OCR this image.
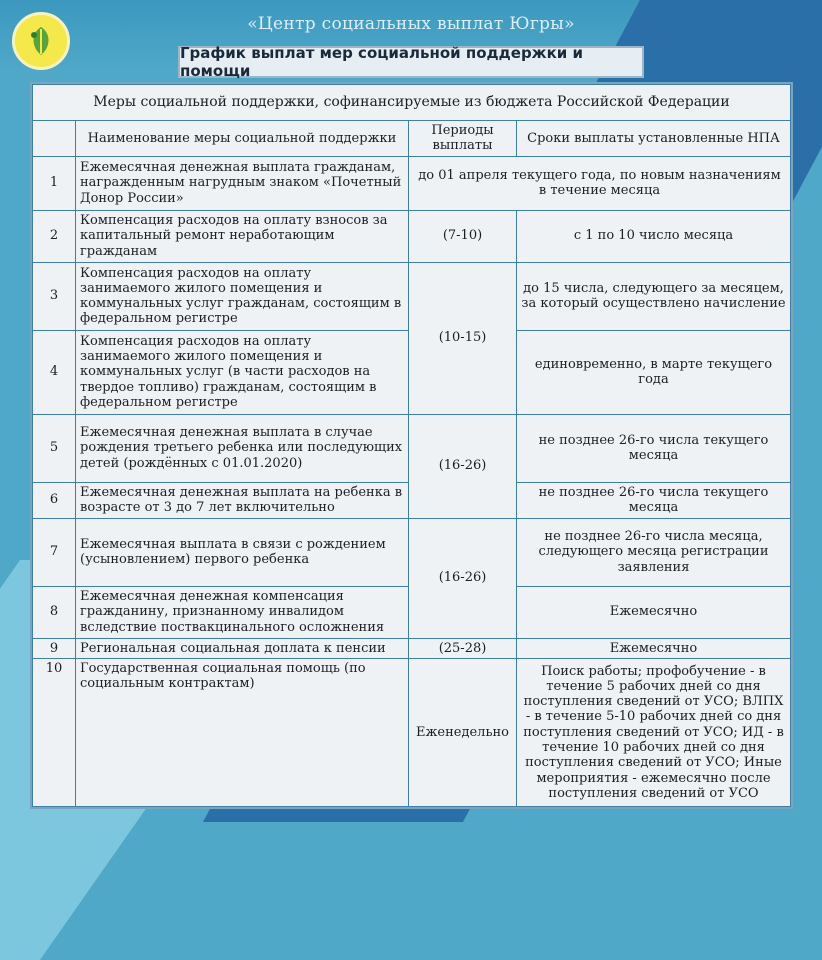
«Центр социальных выплат Югры»
График выплат мер социальной поддержки и помощи
Меры социальной поддержки, софинансируемые из бюджета Российской Федерации			
	Наименование меры социальной поддержки	Периоды выплаты	Сроки выплаты установленные НПА
1	Ежемесячная денежная выплата гражданам, награжденным нагрудным знаком «Почетный Донор России»	до 01 апреля текущего года, по новым назначениям в течение месяца	
2	Компенсация расходов на оплату взносов за капитальный ремонт неработающим гражданам	(7-10)	с 1 по 10 число месяца
3	Компенсация расходов на оплату занимаемого жилого помещения и коммунальных услуг гражданам, состоящим в федеральном регистре	(10-15)	до 15 числа, следующего за месяцем, за который осуществлено начисление
4	Компенсация расходов на оплату занимаемого жилого помещения и коммунальных услуг (в части расходов на твердое топливо) гражданам, состоящим в федеральном регистре		единовременно, в марте текущего года
5	Ежемесячная денежная выплата в случае рождения третьего ребенка или последующих детей (рождённых с 01.01.2020)	(16-26)	не позднее 26-го числа текущего месяца
6	Ежемесячная денежная выплата на ребенка в возрасте от 3 до 7 лет включительно		не позднее 26-го числа текущего месяца
7	Ежемесячная выплата в связи с рождением (усыновлением) первого ребенка	(16-26)	не позднее 26-го числа месяца, следующего месяца регистрации заявления
8	Ежемесячная денежная компенсация гражданину, признанному инвалидом вследствие поствакцинального осложнения		Ежемесячно
9	Региональная социальная доплата к пенсии	(25-28)	Ежемесячно
10	Государственная социальная помощь (по социальным контрактам)	Еженедельно	Поиск работы; профобучение - в течение 5 рабочих дней со дня поступления сведений от УСО; ВЛПХ - в течение 5-10 рабочих дней со дня поступления сведений от УСО; ИД - в течение 10 рабочих дней со дня поступления сведений от УСО; Иные мероприятия - ежемесячно после поступления сведений от УСО
